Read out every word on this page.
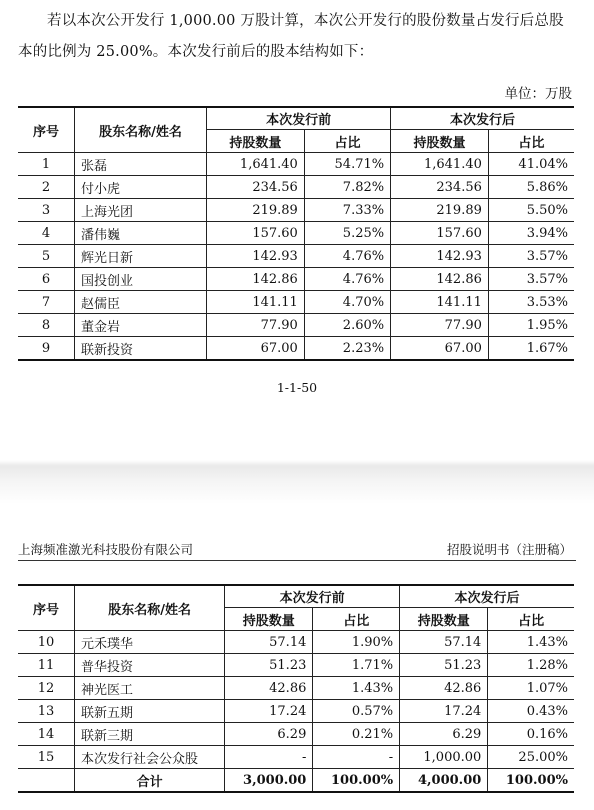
若以本次公开发行 1,000.00 万股计算，本次公开发行的股份数量占发行后总股本的比例为 25.00%。本次发行前后的股本结构如下：

单位：万股
序号	股东名称/姓名	本次发行前		本次发行后	
		持股数量	占比	持股数量	占比
1	张磊	1,641.40	54.71%	1,641.40	41.04%
2	付小虎	234.56	7.82%	234.56	5.86%
3	上海光团	219.89	7.33%	219.89	5.50%
4	潘伟巍	157.60	5.25%	157.60	3.94%
5	辉光日新	142.93	4.76%	142.93	3.57%
6	国投创业	142.86	4.76%	142.86	3.57%
7	赵儒臣	141.11	4.70%	141.11	3.53%
8	董金岩	77.90	2.60%	77.90	1.95%
9	联新投资	67.00	2.23%	67.00	1.67%
1-1-50
上海频准激光科技股份有限公司	招股说明书（注册稿）
序号	股东名称/姓名	本次发行前		本次发行后	
		持股数量	占比	持股数量	占比
10	元禾璞华	57.14	1.90%	57.14	1.43%
11	普华投资	51.23	1.71%	51.23	1.28%
12	神光医工	42.86	1.43%	42.86	1.07%
13	联新五期	17.24	0.57%	17.24	0.43%
14	联新三期	6.29	0.21%	6.29	0.16%
15	本次发行社会公众股	-	-	1,000.00	25.00%
	合计	3,000.00	100.00%	4,000.00	100.00%
